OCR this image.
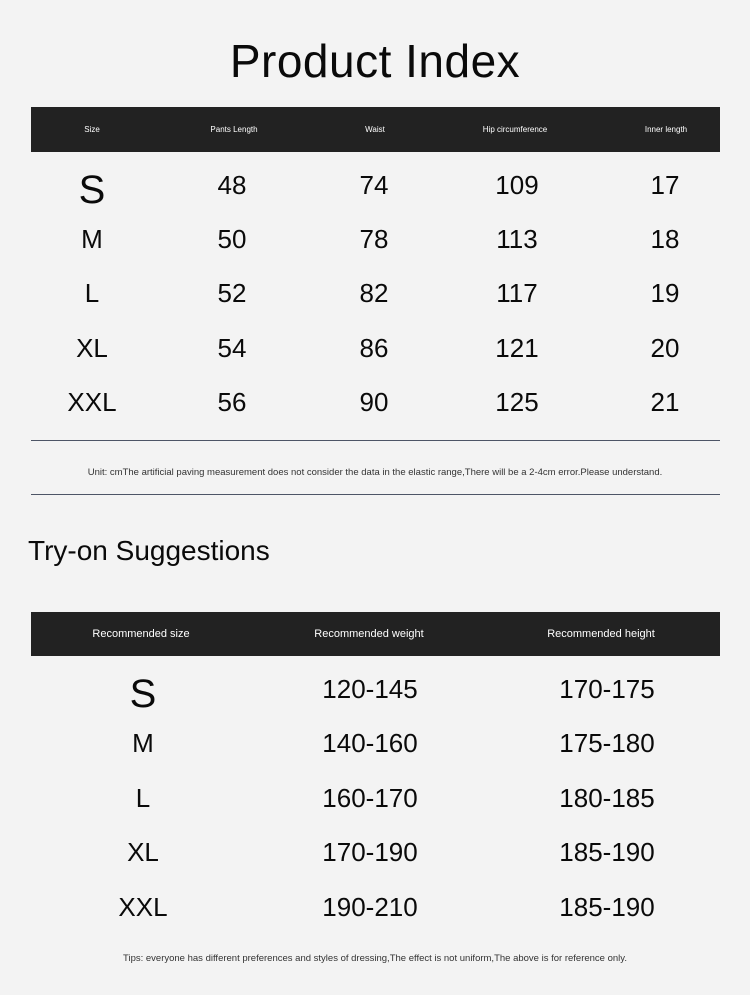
Product Index
Size	Pants Length	Waist	Hip circumference	Inner length
S	48	74	109	17
M	50	78	113	18
L	52	82	117	19
XL	54	86	121	20
XXL	56	90	125	21
Unit: cmThe artificial paving measurement does not consider the data in the elastic range,There will be a 2-4cm error.Please understand.
Try-on Suggestions
Recommended size	Recommended weight	Recommended height
S	120-145	170-175
M	140-160	175-180
L	160-170	180-185
XL	170-190	185-190
XXL	190-210	185-190
Tips: everyone has different preferences and styles of dressing,The effect is not uniform,The above is for reference only.
